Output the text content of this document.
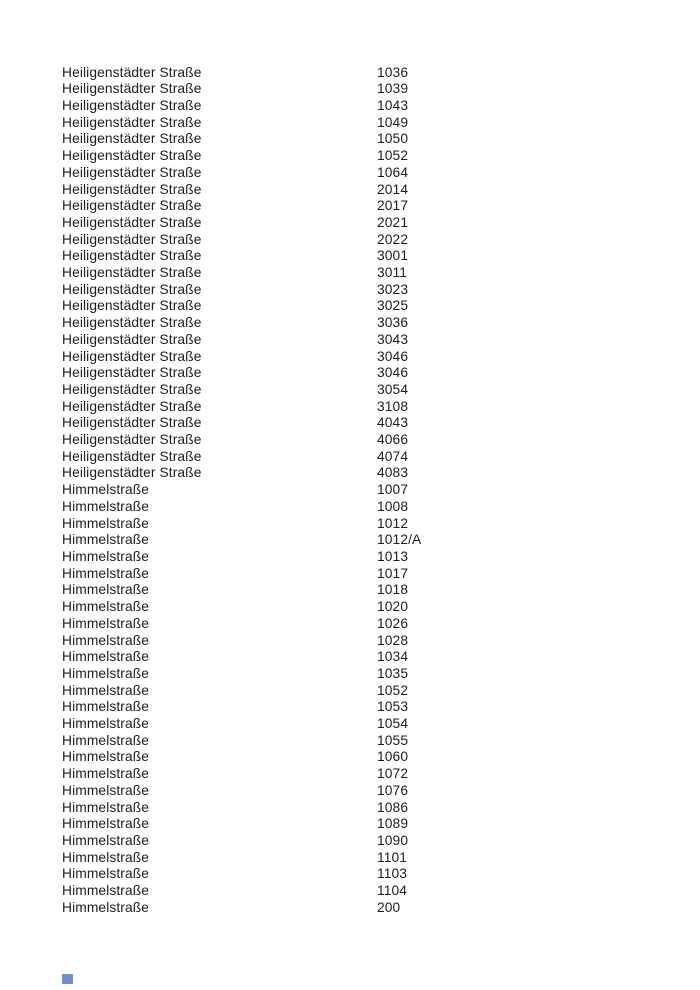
Heiligenstädter Straße	1036
Heiligenstädter Straße	1039
Heiligenstädter Straße	1043
Heiligenstädter Straße	1049
Heiligenstädter Straße	1050
Heiligenstädter Straße	1052
Heiligenstädter Straße	1064
Heiligenstädter Straße	2014
Heiligenstädter Straße	2017
Heiligenstädter Straße	2021
Heiligenstädter Straße	2022
Heiligenstädter Straße	3001
Heiligenstädter Straße	3011
Heiligenstädter Straße	3023
Heiligenstädter Straße	3025
Heiligenstädter Straße	3036
Heiligenstädter Straße	3043
Heiligenstädter Straße	3046
Heiligenstädter Straße	3046
Heiligenstädter Straße	3054
Heiligenstädter Straße	3108
Heiligenstädter Straße	4043
Heiligenstädter Straße	4066
Heiligenstädter Straße	4074
Heiligenstädter Straße	4083
Himmelstraße	1007
Himmelstraße	1008
Himmelstraße	1012
Himmelstraße	1012/A
Himmelstraße	1013
Himmelstraße	1017
Himmelstraße	1018
Himmelstraße	1020
Himmelstraße	1026
Himmelstraße	1028
Himmelstraße	1034
Himmelstraße	1035
Himmelstraße	1052
Himmelstraße	1053
Himmelstraße	1054
Himmelstraße	1055
Himmelstraße	1060
Himmelstraße	1072
Himmelstraße	1076
Himmelstraße	1086
Himmelstraße	1089
Himmelstraße	1090
Himmelstraße	1101
Himmelstraße	1103
Himmelstraße	1104
Himmelstraße	200
